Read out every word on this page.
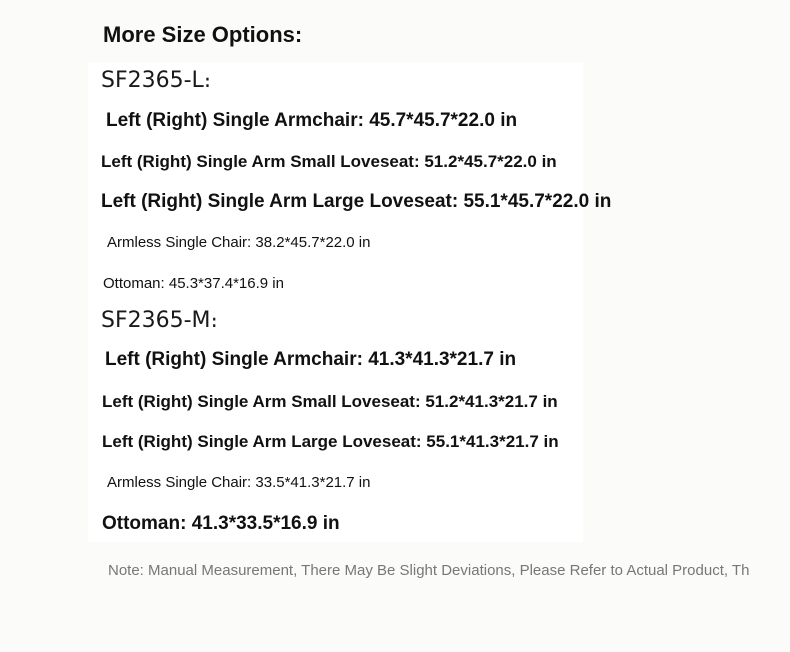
More Size Options:
SF2365-L։
Left (Right) Single Armchair: 45.7*45.7*22.0 in
Left (Right) Single Arm Small Loveseat: 51.2*45.7*22.0 in
Left (Right) Single Arm Large Loveseat: 55.1*45.7*22.0 in
Armless Single Chair: 38.2*45.7*22.0 in
Ottoman: 45.3*37.4*16.9 in
SF2365-M։
Left (Right) Single Armchair: 41.3*41.3*21.7 in
Left (Right) Single Arm Small Loveseat: 51.2*41.3*21.7 in
Left (Right) Single Arm Large Loveseat: 55.1*41.3*21.7 in
Armless Single Chair: 33.5*41.3*21.7 in
Ottoman: 41.3*33.5*16.9 in
Note: Manual Measurement, There May Be Slight Deviations, Please Refer to Actual Product, Th
